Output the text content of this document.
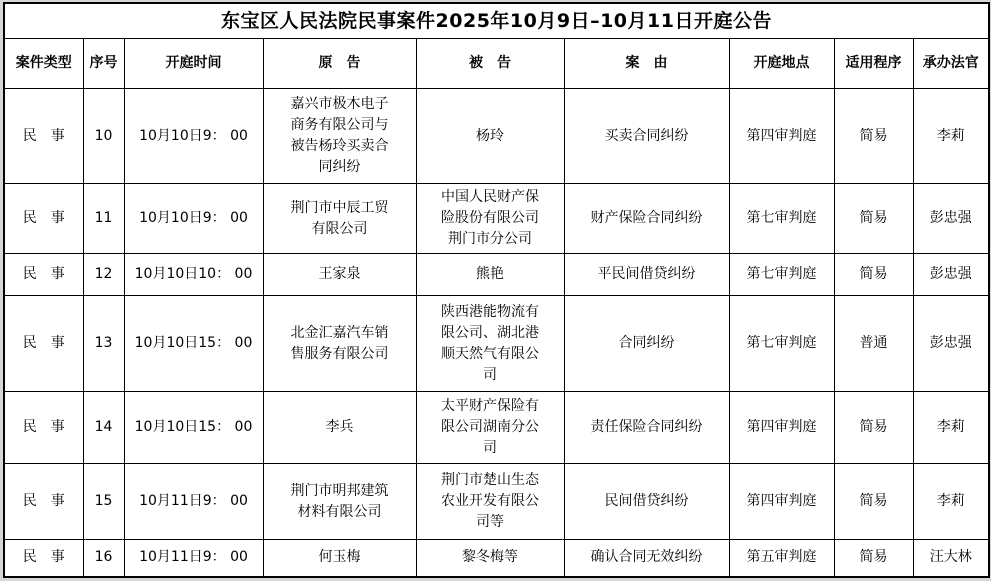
东宝区人民法院民事案件2025年10月9日–10月11日开庭公告								
案件类型	序号	开庭时间	原　告	被　告	案　由	开庭地点	适用程序	承办法官
民　事	10	10月10日9： 00	嘉兴市极木电子商务有限公司与被告杨玲买卖合同纠纷	杨玲	买卖合同纠纷	第四审判庭	简易	李莉
民　事	11	10月10日9： 00	荆门市中辰工贸有限公司	中国人民财产保险股份有限公司荆门市分公司	财产保险合同纠纷	第七审判庭	简易	彭忠强
民　事	12	10月10日10： 00	王家泉	熊艳	平民间借贷纠纷	第七审判庭	简易	彭忠强
民　事	13	10月10日15： 00	北金汇嘉汽车销售服务有限公司	陕西港能物流有限公司、湖北港顺天然气有限公司	合同纠纷	第七审判庭	普通	彭忠强
民　事	14	10月10日15： 00	李兵	太平财产保险有限公司湖南分公司	责任保险合同纠纷	第四审判庭	简易	李莉
民　事	15	10月11日9： 00	荆门市明邦建筑材料有限公司	荆门市楚山生态农业开发有限公司等	民间借贷纠纷	第四审判庭	简易	李莉
民　事	16	10月11日9： 00	何玉梅	黎冬梅等	确认合同无效纠纷	第五审判庭	简易	汪大林
